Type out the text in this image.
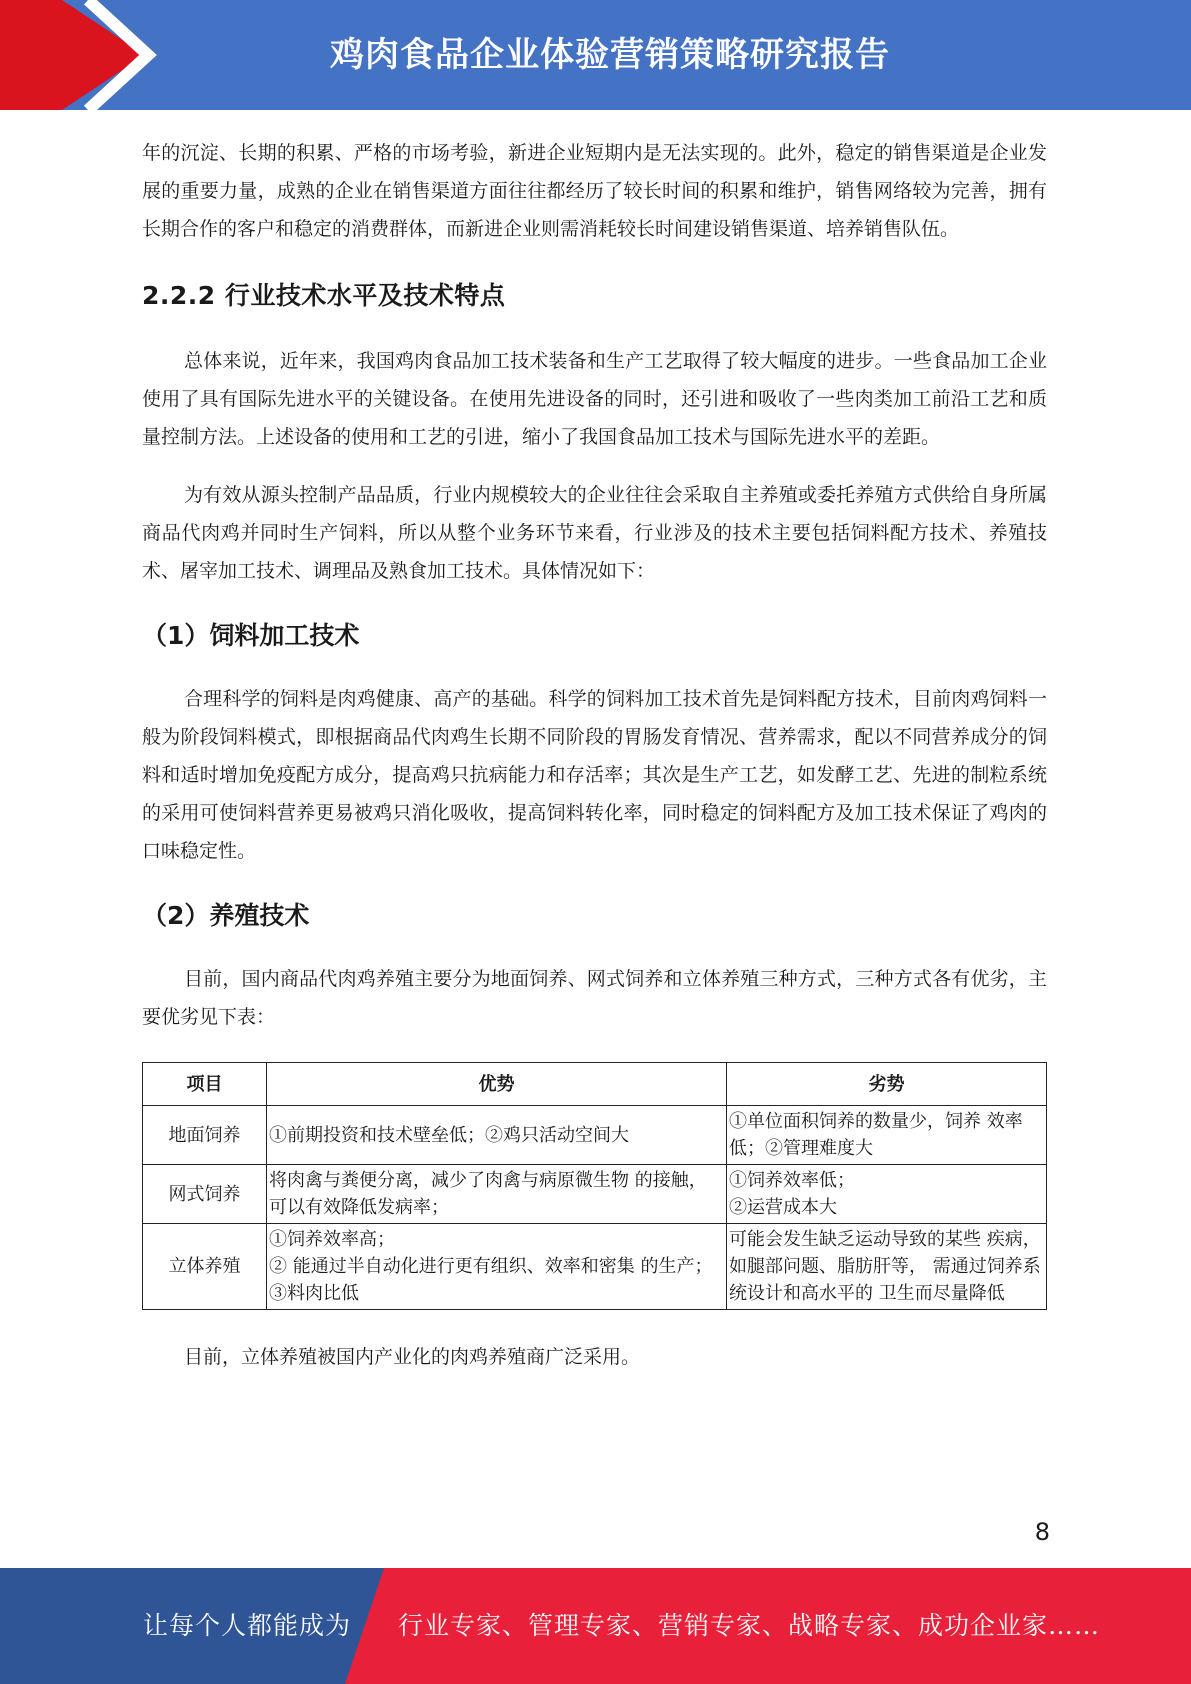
鸡肉食品企业体验营销策略研究报告

年的沉淀、长期的积累、严格的市场考验，新进企业短期内是无法实现的。此外，稳定的销售渠道是企业发展的重要力量，成熟的企业在销售渠道方面往往都经历了较长时间的积累和维护，销售网络较为完善，拥有长期合作的客户和稳定的消费群体，而新进企业则需消耗较长时间建设销售渠道、培养销售队伍。

2.2.2 行业技术水平及技术特点

总体来说，近年来，我国鸡肉食品加工技术装备和生产工艺取得了较大幅度的进步。一些食品加工企业使用了具有国际先进水平的关键设备。在使用先进设备的同时，还引进和吸收了一些肉类加工前沿工艺和质量控制方法。上述设备的使用和工艺的引进，缩小了我国食品加工技术与国际先进水平的差距。

为有效从源头控制产品品质，行业内规模较大的企业往往会采取自主养殖或委托养殖方式供给自身所属商品代肉鸡并同时生产饲料，所以从整个业务环节来看，行业涉及的技术主要包括饲料配方技术、养殖技术、屠宰加工技术、调理品及熟食加工技术。具体情况如下：

（1）饲料加工技术

合理科学的饲料是肉鸡健康、高产的基础。科学的饲料加工技术首先是饲料配方技术，目前肉鸡饲料一般为阶段饲料模式，即根据商品代肉鸡生长期不同阶段的胃肠发育情况、营养需求，配以不同营养成分的饲料和适时增加免疫配方成分，提高鸡只抗病能力和存活率；其次是生产工艺，如发酵工艺、先进的制粒系统的采用可使饲料营养更易被鸡只消化吸收，提高饲料转化率，同时稳定的饲料配方及加工技术保证了鸡肉的口味稳定性。

（2）养殖技术

目前，国内商品代肉鸡养殖主要分为地面饲养、网式饲养和立体养殖三种方式，三种方式各有优劣，主要优劣见下表：

项目	优势	劣势
地面饲养	①前期投资和技术壁垒低；②鸡只活动空间大	①单位面积饲养的数量少，饲养 效率低；②管理难度大

网式饲养	将肉禽与粪便分离，减少了肉禽与病原微生物 的接触，可以有效降低发病率；	①饲养效率低；
②运营成本大

立体养殖	①饲养效率高；
② 能通过半自动化进行更有组织、效率和密集 的生产；
③料肉比低	可能会发生缺乏运动导致的某些 疾病，如腿部问题、脂肪肝等， 需通过饲养系统设计和高水平的 卫生而尽量降低

目前，立体养殖被国内产业化的肉鸡养殖商广泛采用。

8
让每个人都能成为 行业专家、管理专家、营销专家、战略专家、成功企业家……
